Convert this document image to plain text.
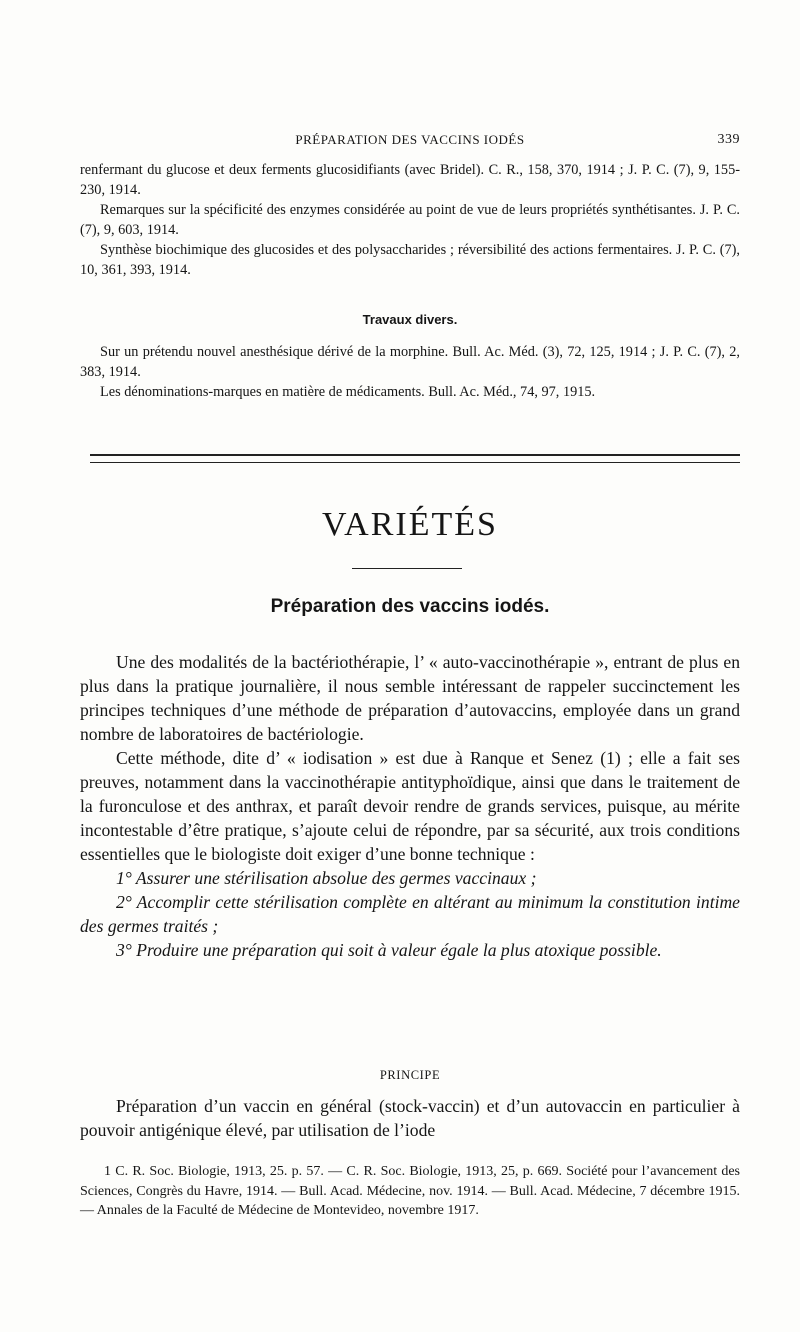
PRÉPARATION DES VACCINS IODÉS	339

renfermant du glucose et deux ferments glucosidifiants (avec Bridel). C. R., 158, 370, 1914 ; J. P. C. (7), 9, 155-230, 1914.

Remarques sur la spécificité des enzymes considérée au point de vue de leurs propriétés synthétisantes. J. P. C. (7), 9, 603, 1914.

Synthèse biochimique des glucosides et des polysaccharides ; réversibilité des actions fermentaires. J. P. C. (7), 10, 361, 393, 1914.

Travaux divers.

Sur un prétendu nouvel anesthésique dérivé de la morphine. Bull. Ac. Méd. (3), 72, 125, 1914 ; J. P. C. (7), 2, 383, 1914.

Les dénominations-marques en matière de médicaments. Bull. Ac. Méd., 74, 97, 1915.

VARIÉTÉS
Préparation des vaccins iodés.

Une des modalités de la bactériothérapie, l’ « auto-vaccinothérapie », entrant de plus en plus dans la pratique journalière, il nous semble intéressant de rappeler succinctement les principes techniques d’une méthode de préparation d’autovaccins, employée dans un grand nombre de laboratoires de bactériologie.

Cette méthode, dite d’ « iodisation » est due à Ranque et Senez (1) ; elle a fait ses preuves, notamment dans la vaccinothérapie antityphoïdique, ainsi que dans le traitement de la furonculose et des anthrax, et paraît devoir rendre de grands services, puisque, au mérite incontestable d’être pratique, s’ajoute celui de répondre, par sa sécurité, aux trois conditions essentielles que le biologiste doit exiger d’une bonne technique :

1° Assurer une stérilisation absolue des germes vaccinaux ;

2° Accomplir cette stérilisation complète en altérant au minimum la constitution intime des germes traités ;

3° Produire une préparation qui soit à valeur égale la plus atoxique possible.

PRINCIPE

Préparation d’un vaccin en général (stock-vaccin) et d’un autovaccin en particulier à pouvoir antigénique élevé, par utilisation de l’iode

1 C. R. Soc. Biologie, 1913, 25. p. 57. — C. R. Soc. Biologie, 1913, 25, p. 669. Société pour l’avancement des Sciences, Congrès du Havre, 1914. — Bull. Acad. Médecine, nov. 1914. — Bull. Acad. Médecine, 7 décembre 1915. — Annales de la Faculté de Médecine de Montevideo, novembre 1917.
